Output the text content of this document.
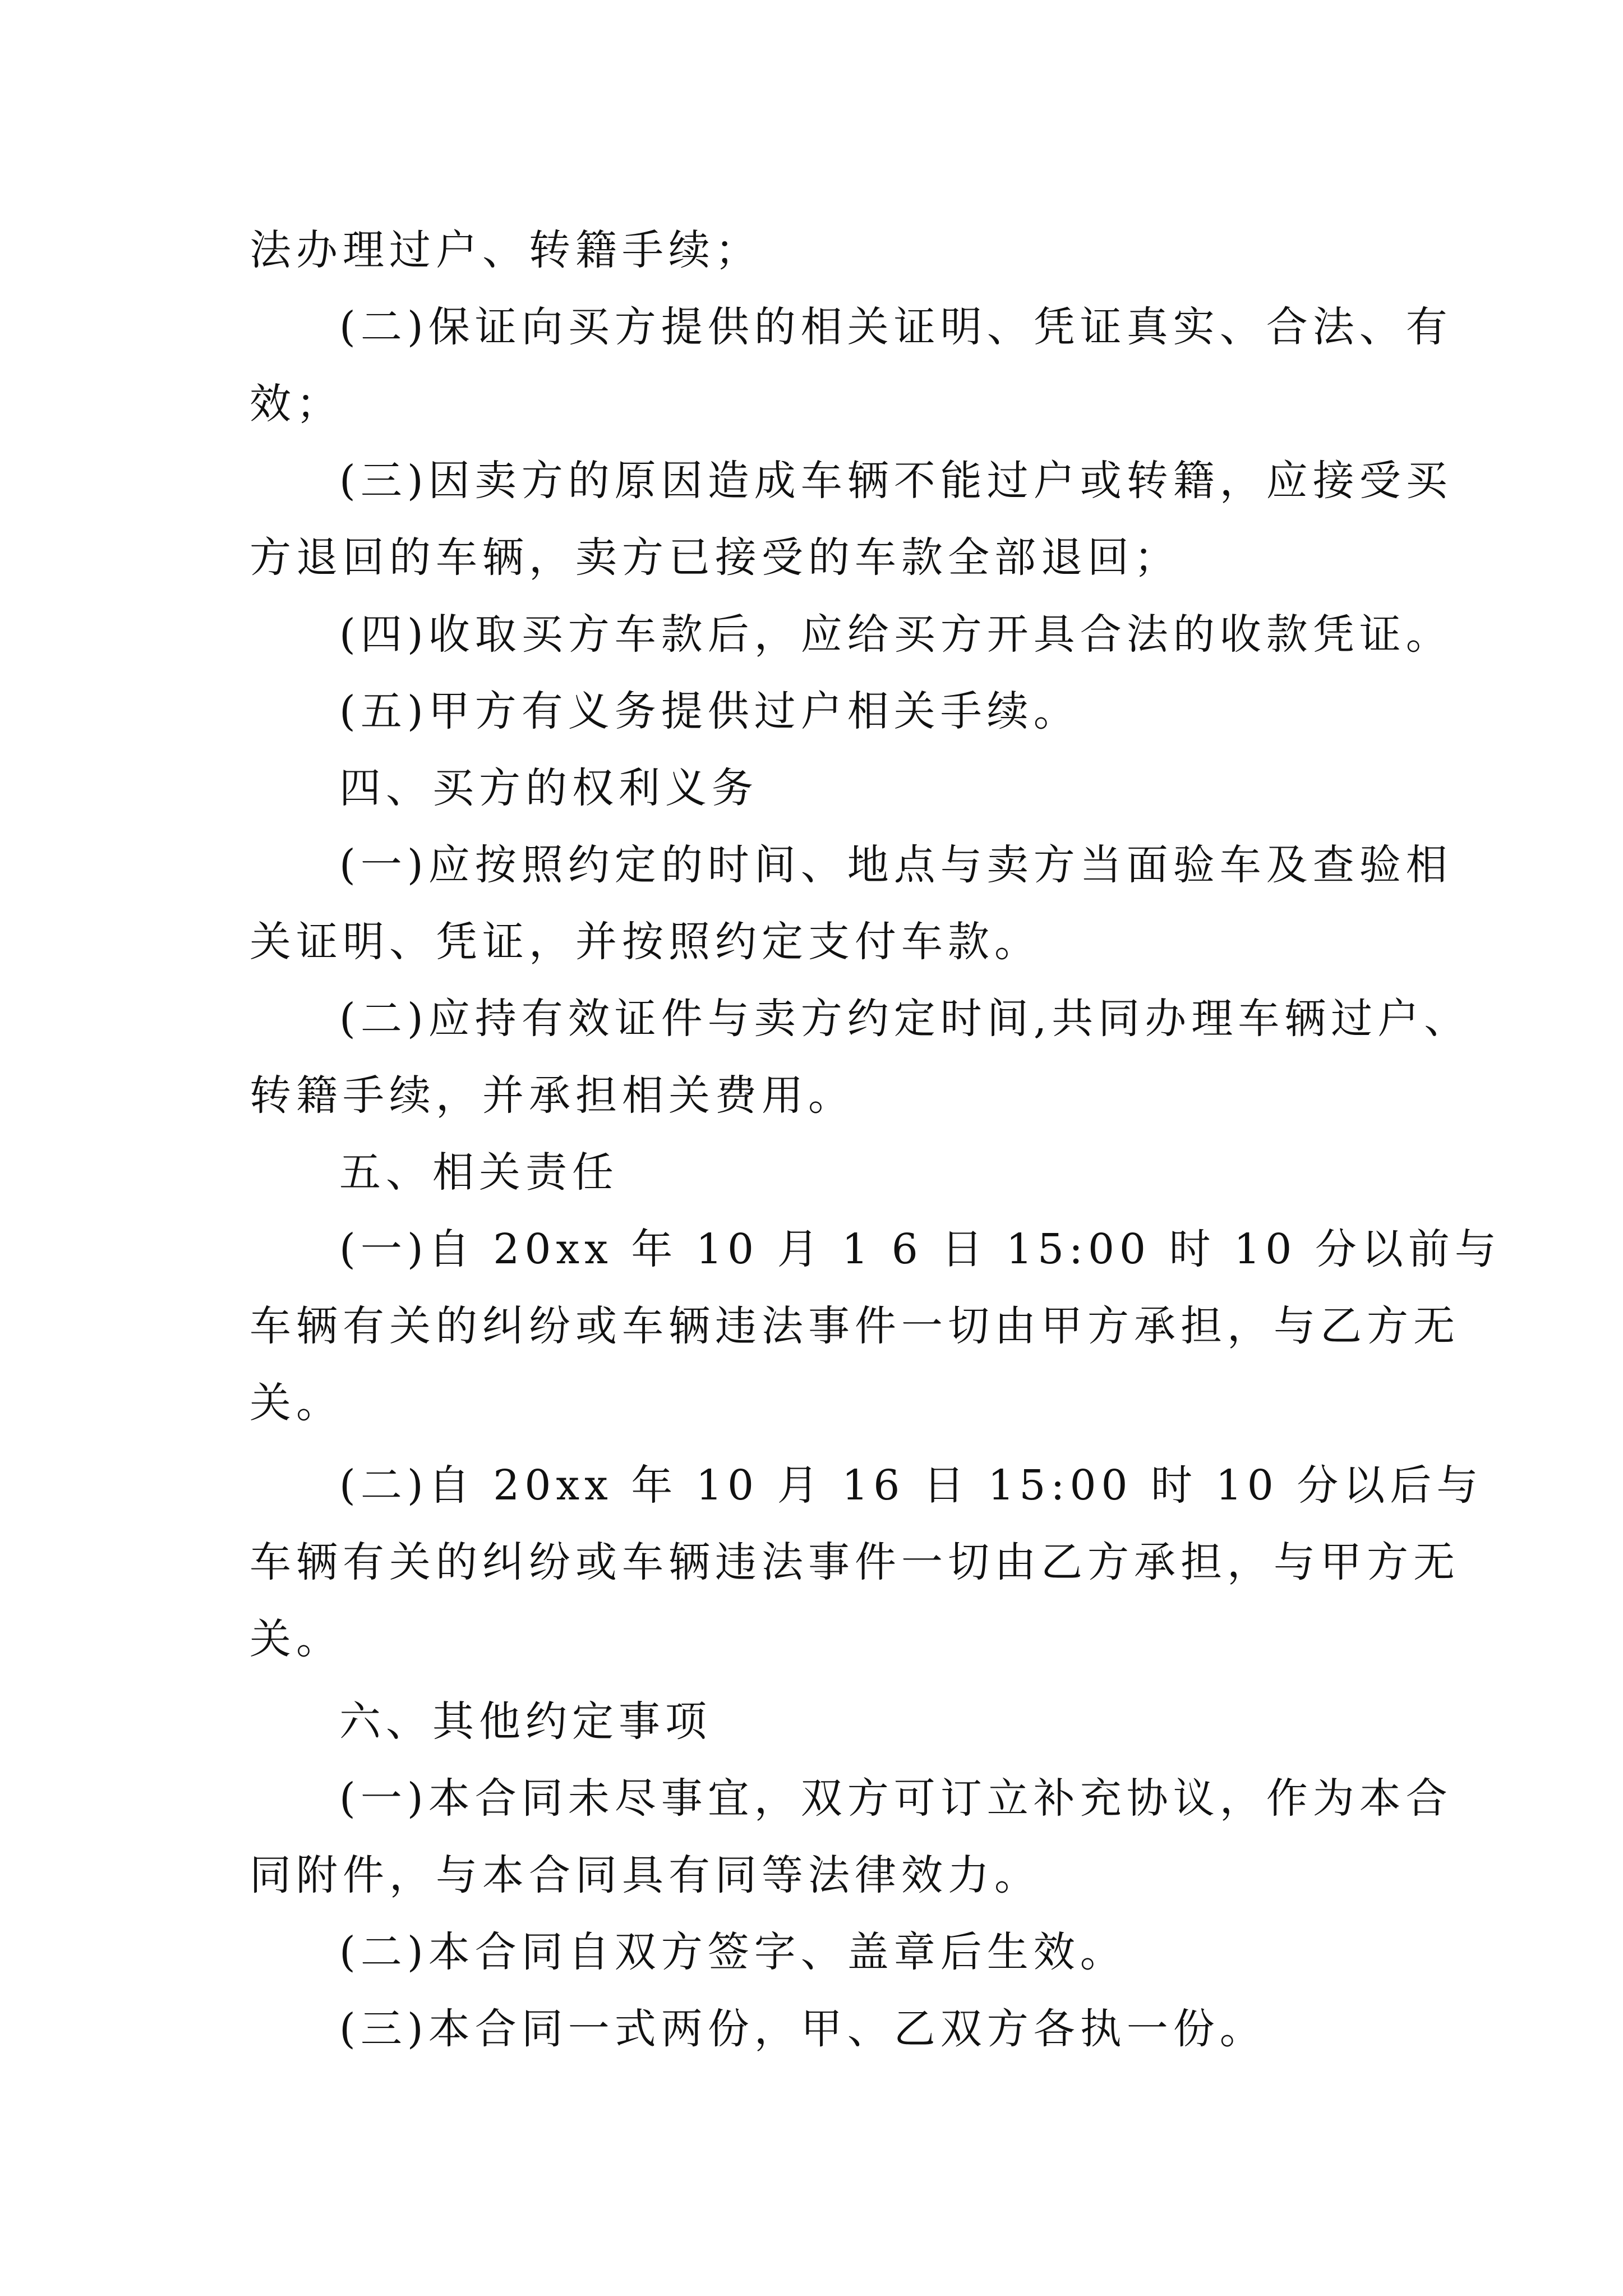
法办理过户、转籍手续；
(二)保证向买方提供的相关证明、凭证真实、合法、有
效；
(三)因卖方的原因造成车辆不能过户或转籍，应接受买
方退回的车辆，卖方已接受的车款全部退回；
(四)收取买方车款后，应给买方开具合法的收款凭证。
(五)甲方有义务提供过户相关手续。
四、买方的权利义务
(一)应按照约定的时间、地点与卖方当面验车及查验相
关证明、凭证，并按照约定支付车款。
(二)应持有效证件与卖方约定时间,共同办理车辆过户、
转籍手续，并承担相关费用。
五、相关责任
(一)自 20xx 年 10 月 1 6 日 15:00 时 10 分以前与
车辆有关的纠纷或车辆违法事件一切由甲方承担，与乙方无
关。
(二)自 20xx 年 10 月 16 日 15:00 时 10 分以后与
车辆有关的纠纷或车辆违法事件一切由乙方承担，与甲方无
关。
六、其他约定事项
(一)本合同未尽事宜，双方可订立补充协议，作为本合
同附件，与本合同具有同等法律效力。
(二)本合同自双方签字、盖章后生效。
(三)本合同一式两份，甲、乙双方各执一份。
